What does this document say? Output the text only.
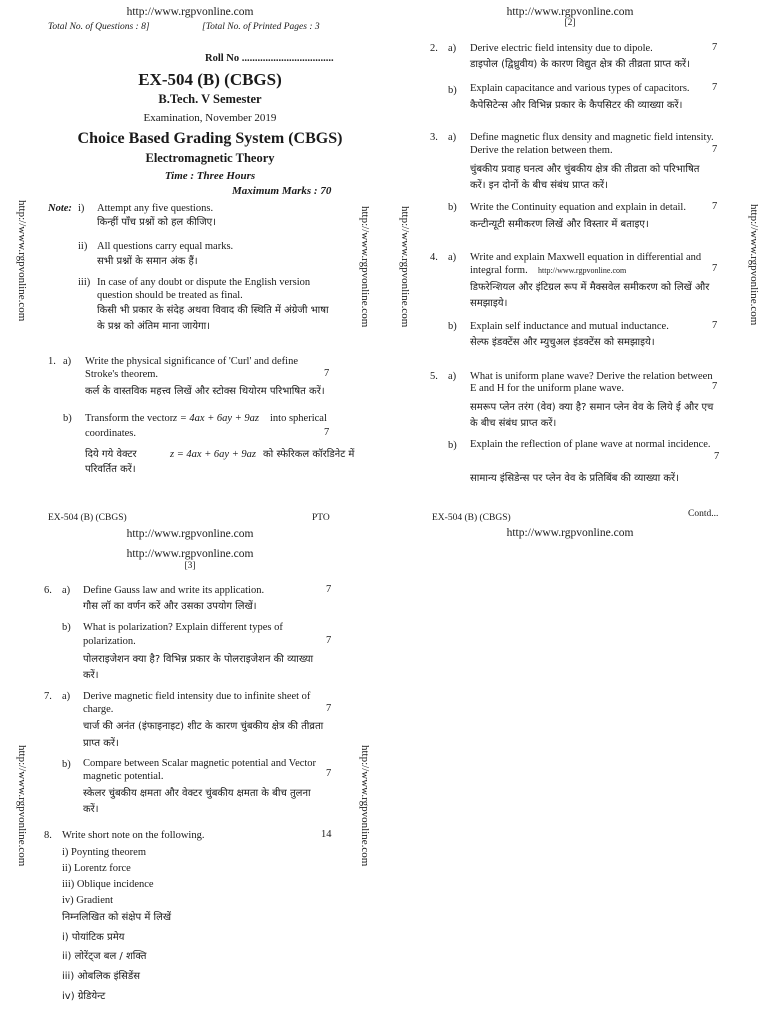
http://www.rgpvonline.com	http://www.rgpvonline.com
[2]
Total No. of Questions : 8]	[Total No. of Printed Pages : 3
http://www.rgpvonline.com	http://www.rgpvonline.com	http://www.rgpvonline.com	http://www.rgpvonline.com
http://www.rgpvonline.com	http://www.rgpvonline.com
Roll No ...................................
EX-504 (B) (CBGS)
B.Tech. V Semester
Examination, November 2019
Choice Based Grading System (CBGS)
Electromagnetic Theory
Time : Three Hours
Maximum Marks : 70
Note: i) Attempt any five questions.
किन्हीं पाँच प्रश्नों को हल कीजिए।
ii) All questions carry equal marks.
सभी प्रश्नों के समान अंक हैं।
iii) In case of any doubt or dispute the English version
question should be treated as final.
किसी भी प्रकार के संदेह अथवा विवाद की स्थिति में अंग्रेजी भाषा
के प्रश्न को अंतिम माना जायेगा।
1. a) Write the physical significance of 'Curl' and define
Stroke's theorem.	7
कर्ल के वास्तविक महत्त्व लिखें और स्टोक्स थियोरम परिभाषित करें।
b) Transform the vector z = 4ax + 6ay + 9az into spherical
coordinates.	7
दिये गये वेक्टर	z = 4ax + 6ay + 9az को स्फेरिकल कॉरडिनेट में
परिवर्तित करें।
EX-504 (B) (CBGS)	PTO
http://www.rgpvonline.com
2. a) Derive electric field intensity due to dipole.	7
डाइपोल (द्विध्रुवीय) के कारण विद्युत क्षेत्र की तीव्रता प्राप्त करें।
b) Explain capacitance and various types of capacitors. 7
कैपेसिटेन्स और विभिन्न प्रकार के कैपसिटर की व्याख्या करें।
3. a) Define magnetic flux density and magnetic field intensity.
Derive the relation between them.	7
चुंबकीय प्रवाह घनत्व और चुंबकीय क्षेत्र की तीव्रता को परिभाषित
करें। इन दोनों के बीच संबंध प्राप्त करें।
b) Write the Continuity equation and explain in detail. 7
कन्टीन्यूटी समीकरण लिखें और विस्तार में बताइए।
4. a) Write and explain Maxwell equation in differential and
integral form. http://www.rgpvonline.com	7
डिफरेन्शियल और इंटिग्रल रूप में मैक्सवेल समीकरण को लिखें और
समझाइये।
b) Explain self inductance and mutual inductance.	7
सेल्फ इंडक्टेंस और म्युचुअल इंडक्टेंस को समझाइये।
5. a) What is uniform plane wave? Derive the relation between
E and H for the uniform plane wave.	7
समरूप प्लेन तरंग (वेव) क्या है? समान प्लेन वेव के लिये ई और एच
के बीच संबंध प्राप्त करें।
b) Explain the reflection of plane wave at normal incidence.
7
सामान्य इंसिडेन्स पर प्लेन वेव के प्रतिबिंब की व्याख्या करें।
EX-504 (B) (CBGS)	Contd...
http://www.rgpvonline.com
http://www.rgpvonline.com
[3]
6. a) Define Gauss law and write its application.	7
गौस लॉ का वर्णन करें और उसका उपयोग लिखें।
b) What is polarization? Explain different types of
polarization.	7
पोलराइजेशन क्या है? विभिन्न प्रकार के पोलराइजेशन की व्याख्या
करें।
7. a) Derive magnetic field intensity due to infinite sheet of
charge.	7
चार्ज की अनंत (इंफाइनाइट) शीट के कारण चुंबकीय क्षेत्र की तीव्रता
प्राप्त करें।
b) Compare between Scalar magnetic potential and Vector
magnetic potential.	7
स्केलर चुंबकीय क्षमता और वेक्टर चुंबकीय क्षमता के बीच तुलना
करें।
8. Write short note on the following.	14
i) Poynting theorem
ii) Lorentz force
iii) Oblique incidence
iv) Gradient
निम्नलिखित को संक्षेप में लिखें
i) पोयांटिक प्रमेय
ii) लोरेंट्ज बल / शक्ति
iii) ओबलिक इंसिडेंस
iv) ग्रेडियेन्ट
